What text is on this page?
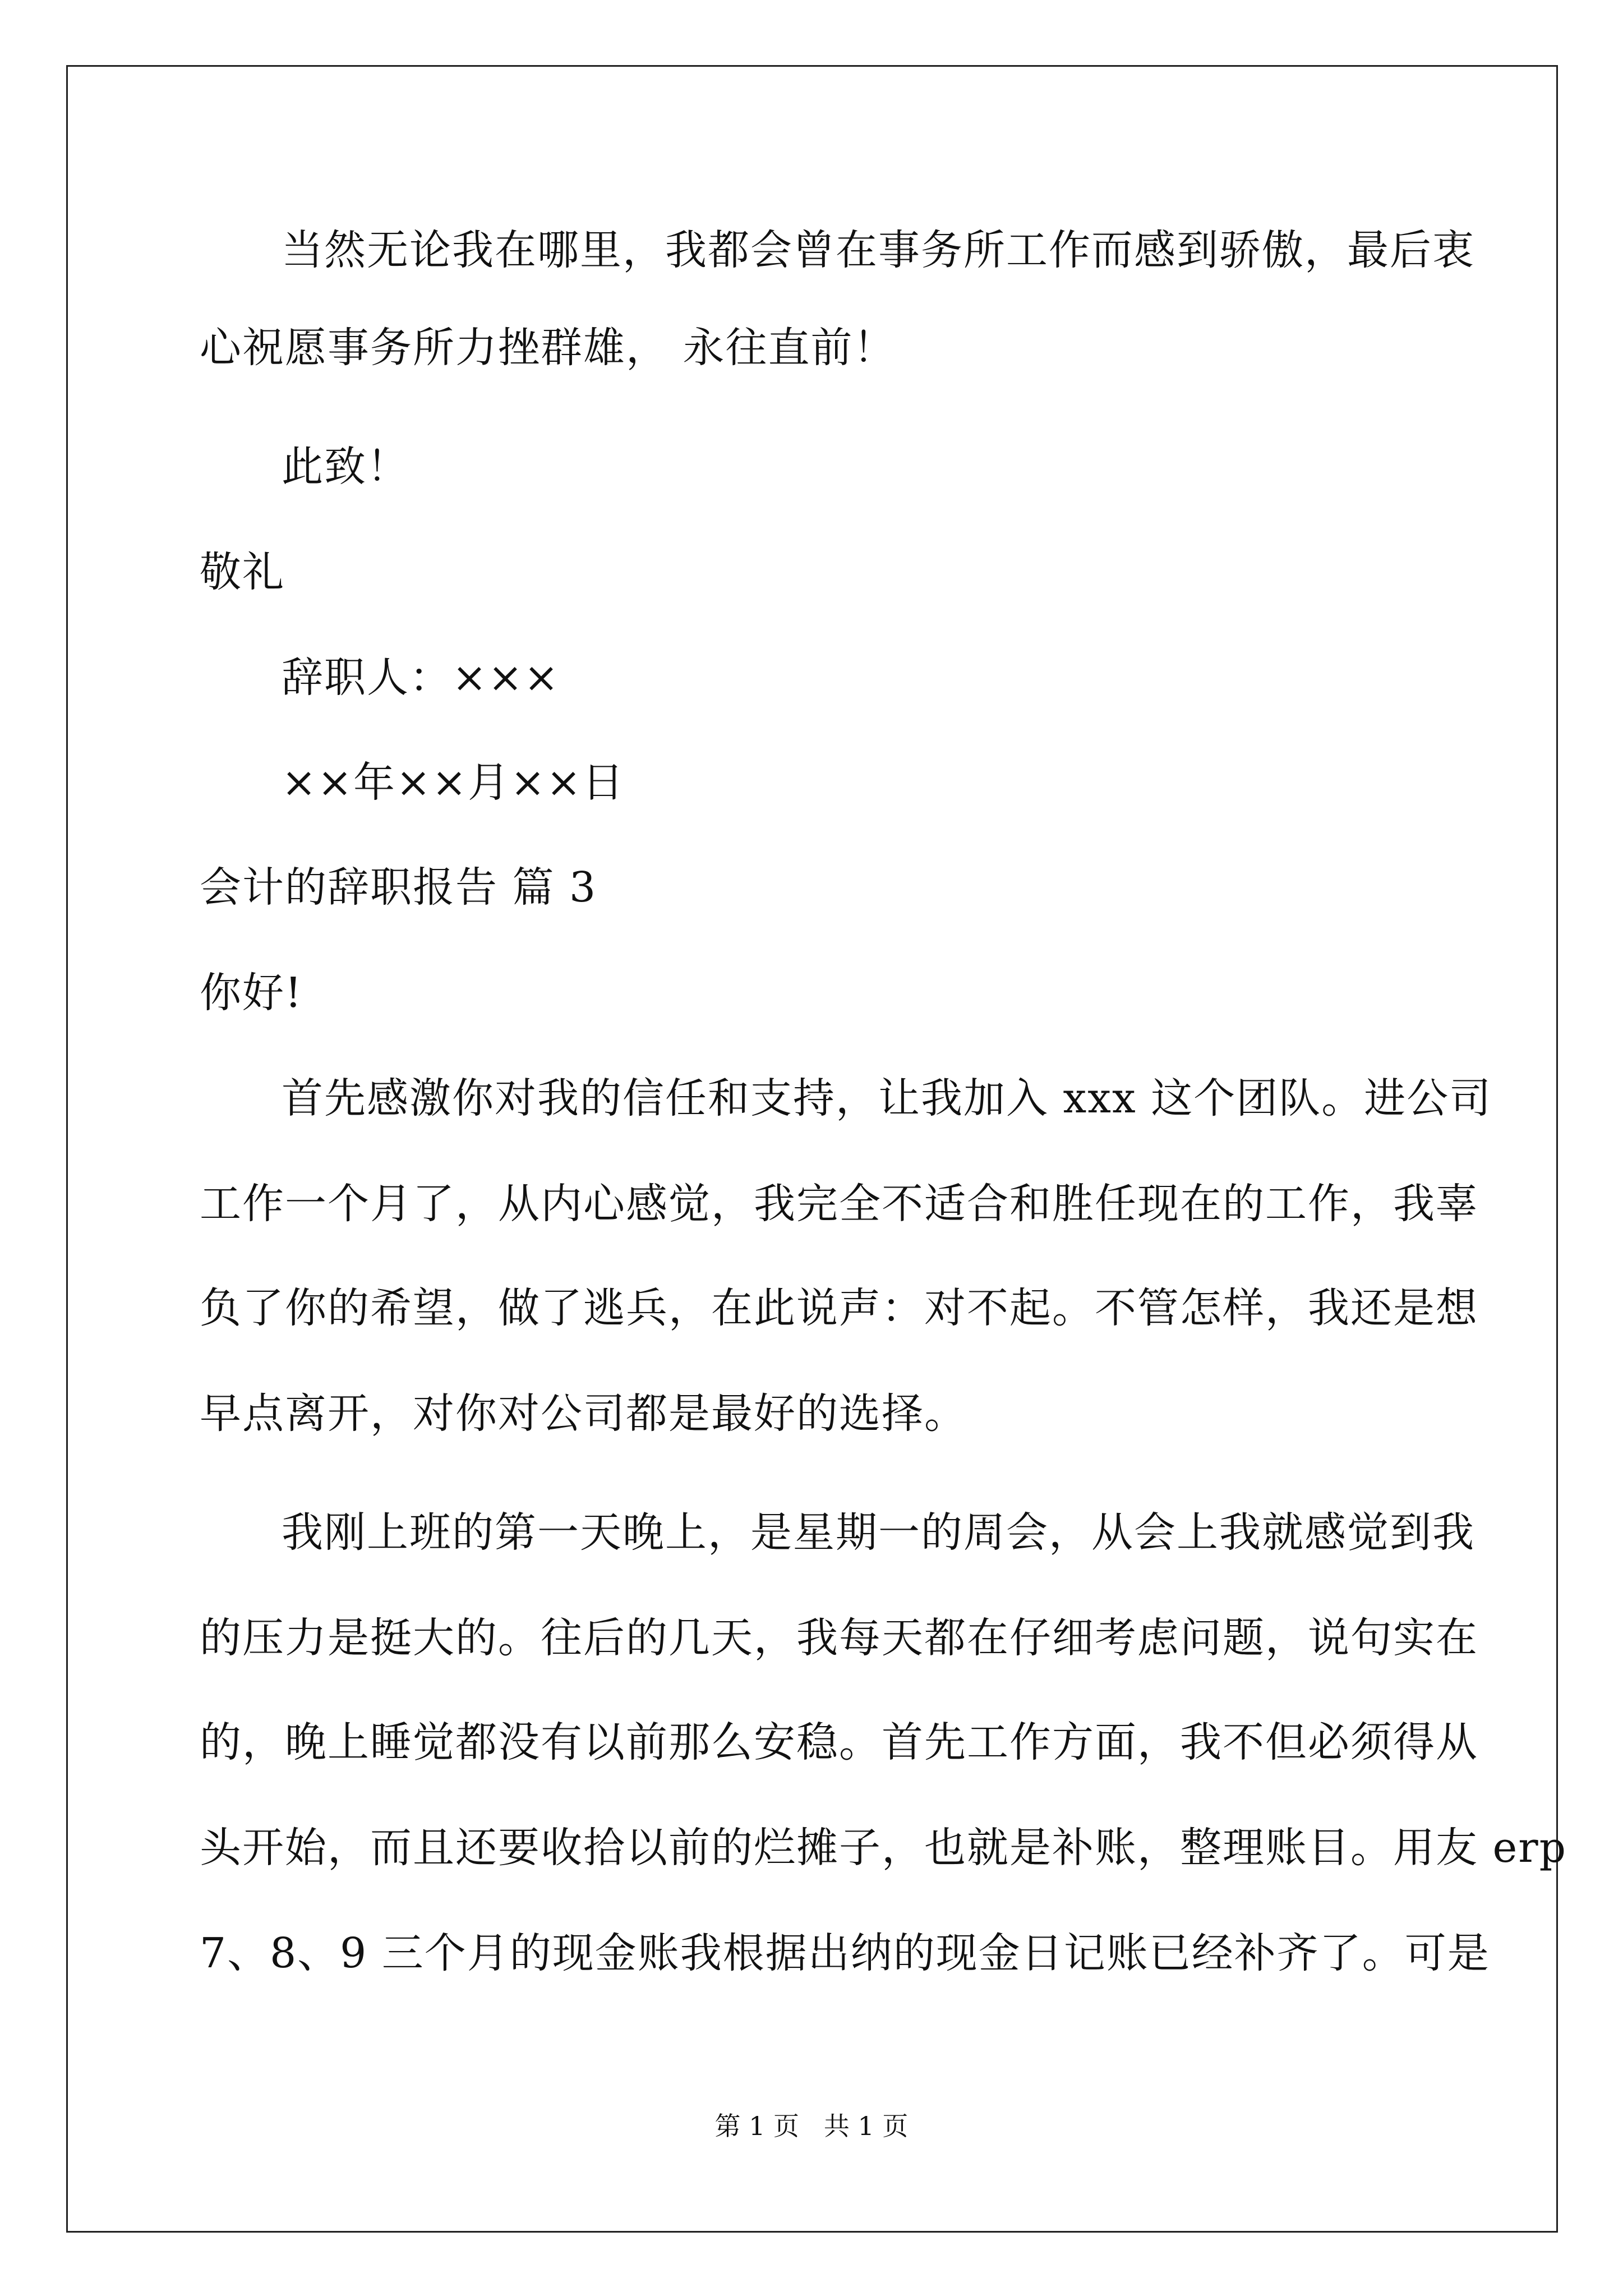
当然无论我在哪里，我都会曾在事务所工作而感到骄傲，最后衷
心祝愿事务所力挫群雄， 永往直前！
此致！
敬礼
辞职人：×××
××年××月××日
会计的辞职报告 篇 3
你好!
首先感激你对我的信任和支持，让我加入 xxx 这个团队。进公司
工作一个月了，从内心感觉，我完全不适合和胜任现在的工作，我辜
负了你的希望，做了逃兵，在此说声：对不起。不管怎样，我还是想
早点离开，对你对公司都是最好的选择。
我刚上班的第一天晚上，是星期一的周会，从会上我就感觉到我
的压力是挺大的。往后的几天，我每天都在仔细考虑问题，说句实在
的，晚上睡觉都没有以前那么安稳。首先工作方面，我不但必须得从
头开始，而且还要收拾以前的烂摊子，也就是补账，整理账目。用友 erp
7、8、9 三个月的现金账我根据出纳的现金日记账已经补齐了。可是
第 1 页   共 1 页
